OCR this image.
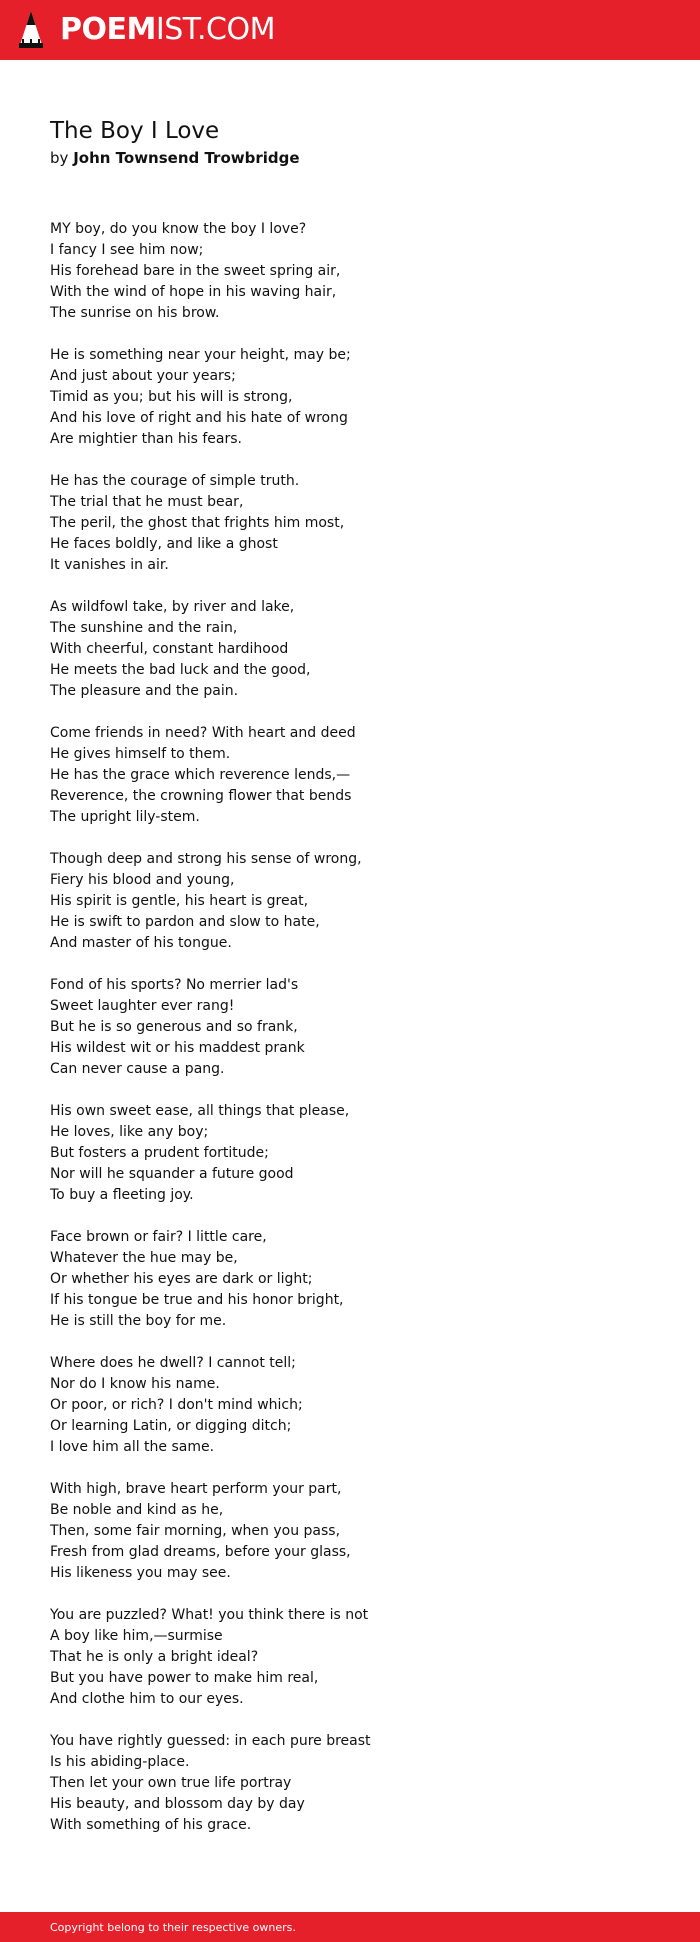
POEMIST.COM
The Boy I Love
by John Townsend Trowbridge
MY boy, do you know the boy I love?
I fancy I see him now;
His forehead bare in the sweet spring air,
With the wind of hope in his waving hair,
The sunrise on his brow.
He is something near your height, may be;
And just about your years;
Timid as you; but his will is strong,
And his love of right and his hate of wrong
Are mightier than his fears.
He has the courage of simple truth.
The trial that he must bear,
The peril, the ghost that frights him most,
He faces boldly, and like a ghost
It vanishes in air.
As wildfowl take, by river and lake,
The sunshine and the rain,
With cheerful, constant hardihood
He meets the bad luck and the good,
The pleasure and the pain.
Come friends in need? With heart and deed
He gives himself to them.
He has the grace which reverence lends,—
Reverence, the crowning flower that bends
The upright lily-stem.
Though deep and strong his sense of wrong,
Fiery his blood and young,
His spirit is gentle, his heart is great,
He is swift to pardon and slow to hate,
And master of his tongue.
Fond of his sports? No merrier lad's
Sweet laughter ever rang!
But he is so generous and so frank,
His wildest wit or his maddest prank
Can never cause a pang.
His own sweet ease, all things that please,
He loves, like any boy;
But fosters a prudent fortitude;
Nor will he squander a future good
To buy a fleeting joy.
Face brown or fair? I little care,
Whatever the hue may be,
Or whether his eyes are dark or light;
If his tongue be true and his honor bright,
He is still the boy for me.
Where does he dwell? I cannot tell;
Nor do I know his name.
Or poor, or rich? I don't mind which;
Or learning Latin, or digging ditch;
I love him all the same.
With high, brave heart perform your part,
Be noble and kind as he,
Then, some fair morning, when you pass,
Fresh from glad dreams, before your glass,
His likeness you may see.
You are puzzled? What! you think there is not
A boy like him,—surmise
That he is only a bright ideal?
But you have power to make him real,
And clothe him to our eyes.
You have rightly guessed: in each pure breast
Is his abiding-place.
Then let your own true life portray
His beauty, and blossom day by day
With something of his grace.
Copyright belong to their respective owners.
